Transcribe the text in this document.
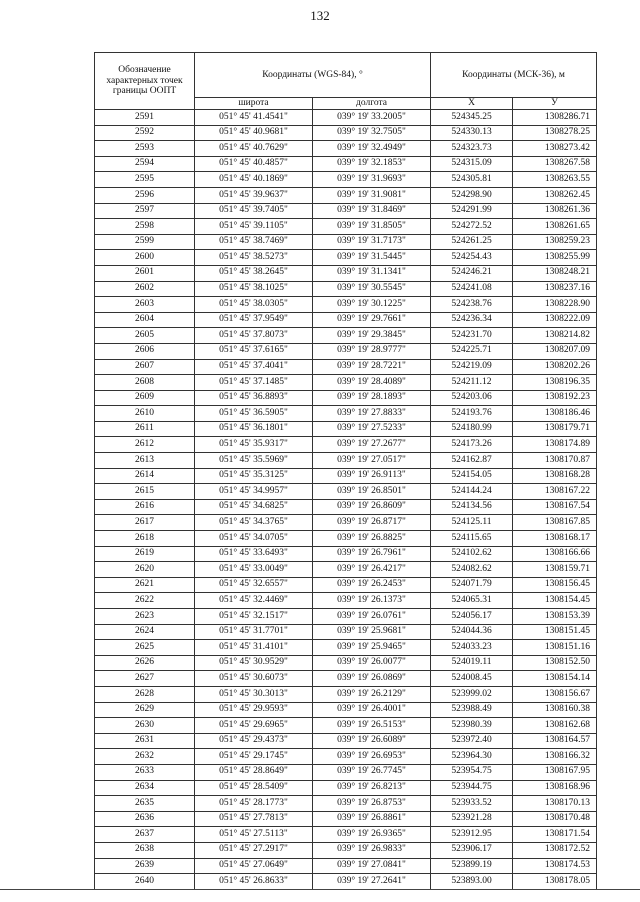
132
Обозначение характерных точек границы ООПТ	Координаты (WGS-84), °		Координаты (МСК-36), м	
	широта	долгота	X	У
2591	051° 45' 41.4541"	039° 19' 33.2005"	524345.25	1308286.71
2592	051° 45' 40.9681"	039° 19' 32.7505"	524330.13	1308278.25
2593	051° 45' 40.7629"	039° 19' 32.4949"	524323.73	1308273.42
2594	051° 45' 40.4857"	039° 19' 32.1853"	524315.09	1308267.58
2595	051° 45' 40.1869"	039° 19' 31.9693"	524305.81	1308263.55
2596	051° 45' 39.9637"	039° 19' 31.9081"	524298.90	1308262.45
2597	051° 45' 39.7405"	039° 19' 31.8469"	524291.99	1308261.36
2598	051° 45' 39.1105"	039° 19' 31.8505"	524272.52	1308261.65
2599	051° 45' 38.7469"	039° 19' 31.7173"	524261.25	1308259.23
2600	051° 45' 38.5273"	039° 19' 31.5445"	524254.43	1308255.99
2601	051° 45' 38.2645"	039° 19' 31.1341"	524246.21	1308248.21
2602	051° 45' 38.1025"	039° 19' 30.5545"	524241.08	1308237.16
2603	051° 45' 38.0305"	039° 19' 30.1225"	524238.76	1308228.90
2604	051° 45' 37.9549"	039° 19' 29.7661"	524236.34	1308222.09
2605	051° 45' 37.8073"	039° 19' 29.3845"	524231.70	1308214.82
2606	051° 45' 37.6165"	039° 19' 28.9777"	524225.71	1308207.09
2607	051° 45' 37.4041"	039° 19' 28.7221"	524219.09	1308202.26
2608	051° 45' 37.1485"	039° 19' 28.4089"	524211.12	1308196.35
2609	051° 45' 36.8893"	039° 19' 28.1893"	524203.06	1308192.23
2610	051° 45' 36.5905"	039° 19' 27.8833"	524193.76	1308186.46
2611	051° 45' 36.1801"	039° 19' 27.5233"	524180.99	1308179.71
2612	051° 45' 35.9317"	039° 19' 27.2677"	524173.26	1308174.89
2613	051° 45' 35.5969"	039° 19' 27.0517"	524162.87	1308170.87
2614	051° 45' 35.3125"	039° 19' 26.9113"	524154.05	1308168.28
2615	051° 45' 34.9957"	039° 19' 26.8501"	524144.24	1308167.22
2616	051° 45' 34.6825"	039° 19' 26.8609"	524134.56	1308167.54
2617	051° 45' 34.3765"	039° 19' 26.8717"	524125.11	1308167.85
2618	051° 45' 34.0705"	039° 19' 26.8825"	524115.65	1308168.17
2619	051° 45' 33.6493"	039° 19' 26.7961"	524102.62	1308166.66
2620	051° 45' 33.0049"	039° 19' 26.4217"	524082.62	1308159.71
2621	051° 45' 32.6557"	039° 19' 26.2453"	524071.79	1308156.45
2622	051° 45' 32.4469"	039° 19' 26.1373"	524065.31	1308154.45
2623	051° 45' 32.1517"	039° 19' 26.0761"	524056.17	1308153.39
2624	051° 45' 31.7701"	039° 19' 25.9681"	524044.36	1308151.45
2625	051° 45' 31.4101"	039° 19' 25.9465"	524033.23	1308151.16
2626	051° 45' 30.9529"	039° 19' 26.0077"	524019.11	1308152.50
2627	051° 45' 30.6073"	039° 19' 26.0869"	524008.45	1308154.14
2628	051° 45' 30.3013"	039° 19' 26.2129"	523999.02	1308156.67
2629	051° 45' 29.9593"	039° 19' 26.4001"	523988.49	1308160.38
2630	051° 45' 29.6965"	039° 19' 26.5153"	523980.39	1308162.68
2631	051° 45' 29.4373"	039° 19' 26.6089"	523972.40	1308164.57
2632	051° 45' 29.1745"	039° 19' 26.6953"	523964.30	1308166.32
2633	051° 45' 28.8649"	039° 19' 26.7745"	523954.75	1308167.95
2634	051° 45' 28.5409"	039° 19' 26.8213"	523944.75	1308168.96
2635	051° 45' 28.1773"	039° 19' 26.8753"	523933.52	1308170.13
2636	051° 45' 27.7813"	039° 19' 26.8861"	523921.28	1308170.48
2637	051° 45' 27.5113"	039° 19' 26.9365"	523912.95	1308171.54
2638	051° 45' 27.2917"	039° 19' 26.9833"	523906.17	1308172.52
2639	051° 45' 27.0649"	039° 19' 27.0841"	523899.19	1308174.53
2640	051° 45' 26.8633"	039° 19' 27.2641"	523893.00	1308178.05
